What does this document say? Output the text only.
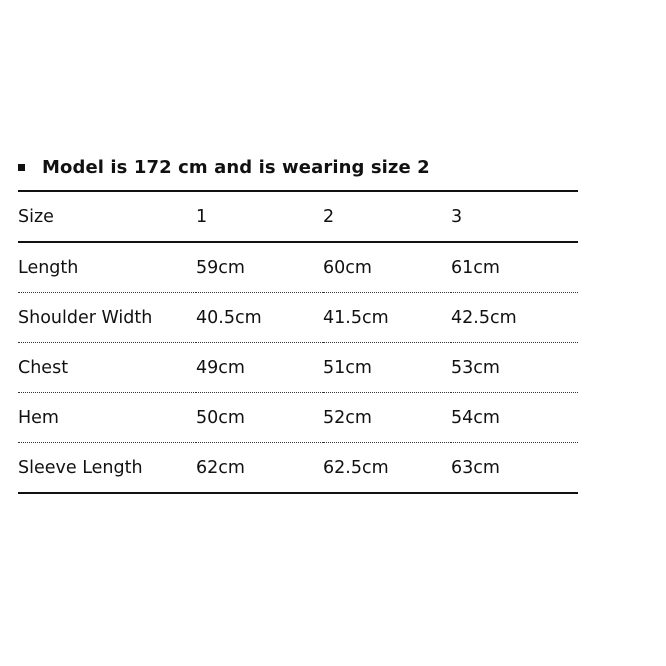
Model is 172 cm and is wearing size 2
Size	1	2	3
Length	59cm	60cm	61cm
Shoulder Width	40.5cm	41.5cm	42.5cm
Chest	49cm	51cm	53cm
Hem	50cm	52cm	54cm
Sleeve Length	62cm	62.5cm	63cm
